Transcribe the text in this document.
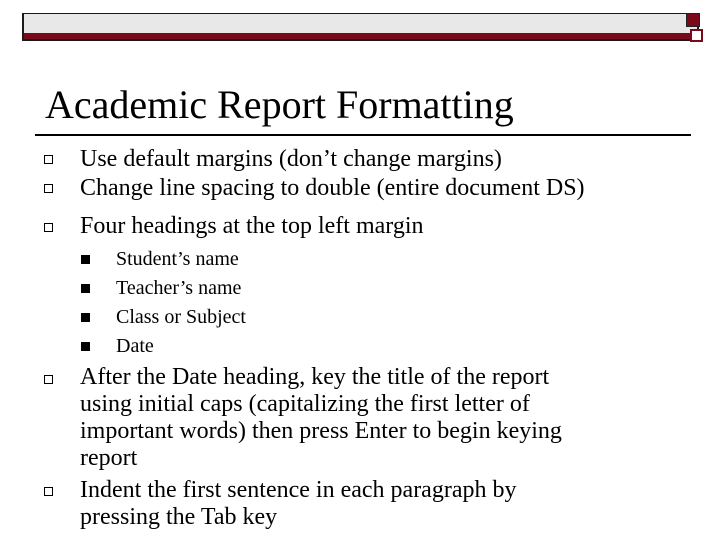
Academic Report Formatting
Use default margins (don’t change margins)
Change line spacing to double (entire document DS)
Four headings at the top left margin
Student’s name
Teacher’s name
Class or Subject
Date
After the Date heading, key the title of the report
using initial caps (capitalizing the first letter of
important words) then press Enter to begin keying
report
Indent the first sentence in each paragraph by
pressing the Tab key
